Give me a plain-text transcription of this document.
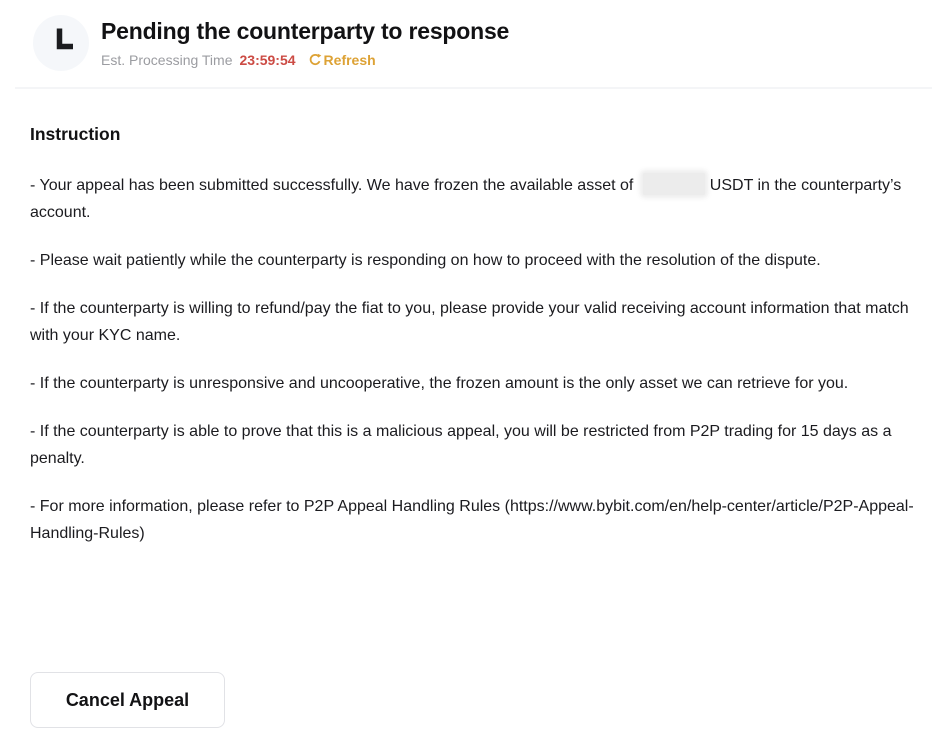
Pending the counterparty to response
Est. Processing Time 23:59:54 Refresh
Instruction

- Your appeal has been submitted successfully. We have frozen the available asset of	USDT in the counterparty’s account.

- Please wait patiently while the counterparty is responding on how to proceed with the resolution of the dispute.

- If the counterparty is willing to refund/pay the fiat to you, please provide your valid receiving account information that match with your KYC name.

- If the counterparty is unresponsive and uncooperative, the frozen amount is the only asset we can retrieve for you.

- If the counterparty is able to prove that this is a malicious appeal, you will be restricted from P2P trading for 15 days as a penalty.

- For more information, please refer to P2P Appeal Handling Rules (https://www.bybit.com/en/help-center/article/P2P-Appeal-Handling-Rules)

Cancel Appeal
